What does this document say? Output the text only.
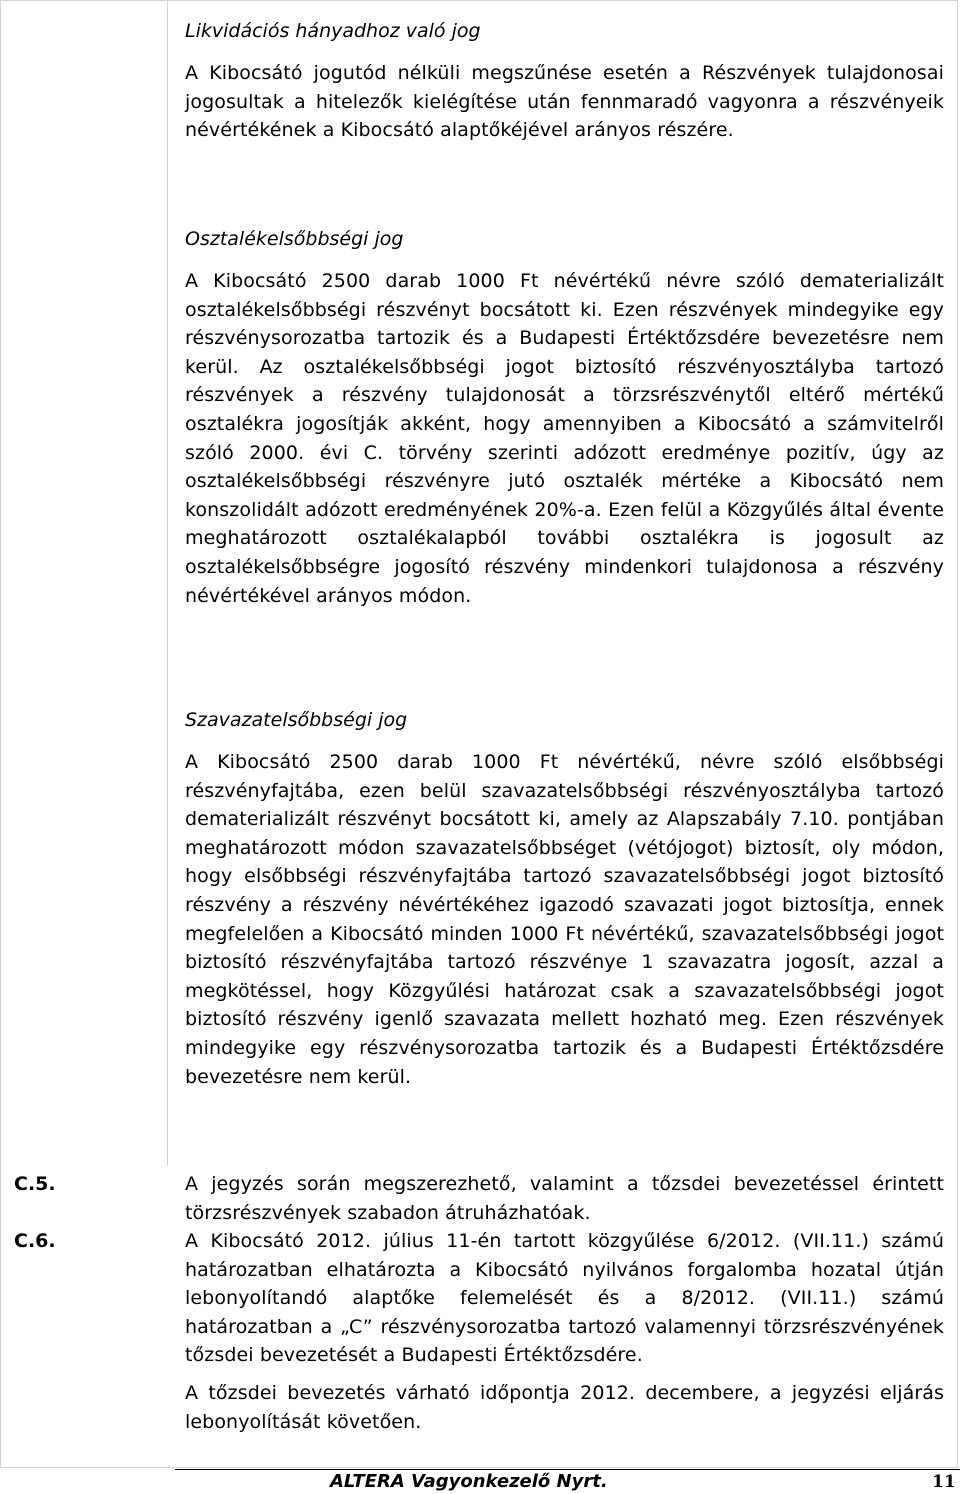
Likvidációs hányadhoz való jog

A Kibocsátó jogutód nélküli megszűnése esetén a Részvények tulajdonosai jogosultak a hitelezők kielégítése után fennmaradó vagyonra a részvényeik névértékének a Kibocsátó alaptőkéjével arányos részére.

Osztalékelsőbbségi jog

A Kibocsátó 2500 darab 1000 Ft névértékű névre szóló dematerializált osztalékelsőbbségi részvényt bocsátott ki. Ezen részvények mindegyike egy részvénysorozatba tartozik és a Budapesti Értéktőzsdére bevezetésre nem kerül. Az osztalékelsőbbségi jogot biztosító részvényosztályba tartozó részvények a részvény tulajdonosát a törzsrészvénytől eltérő mértékű osztalékra jogosítják akként, hogy amennyiben a Kibocsátó a számvitelről szóló 2000. évi C. törvény szerinti adózott eredménye pozitív, úgy az osztalékelsőbbségi részvényre jutó osztalék mértéke a Kibocsátó nem konszolidált adózott eredményének 20%-a. Ezen felül a Közgyűlés által évente meghatározott osztalékalapból további osztalékra is jogosult az osztalékelsőbbségre jogosító részvény mindenkori tulajdonosa a részvény névértékével arányos módon.

Szavazatelsőbbségi jog

A Kibocsátó 2500 darab 1000 Ft névértékű, névre szóló elsőbbségi részvényfajtába, ezen belül szavazatelsőbbségi részvényosztályba tartozó dematerializált részvényt bocsátott ki, amely az Alapszabály 7.10. pontjában meghatározott módon szavazatelsőbbséget (vétójogot) biztosít, oly módon, hogy elsőbbségi részvényfajtába tartozó szavazatelsőbbségi jogot biztosító részvény a részvény névértékéhez igazodó szavazati jogot biztosítja, ennek megfelelően a Kibocsátó minden 1000 Ft névértékű, szavazatelsőbbségi jogot biztosító részvényfajtába tartozó részvénye 1 szavazatra jogosít, azzal a megkötéssel, hogy Közgyűlési határozat csak a szavazatelsőbbségi jogot biztosító részvény igenlő szavazata mellett hozható meg. Ezen részvények mindegyike egy részvénysorozatba tartozik és a Budapesti Értéktőzsdére bevezetésre nem kerül.

C.5.	A jegyzés során megszerezhető, valamint a tőzsdei bevezetéssel érintett törzsrészvények szabadon átruházhatóak.

C.6.	A Kibocsátó 2012. július 11-én tartott közgyűlése 6/2012. (VII.11.) számú határozatban elhatározta a Kibocsátó nyilvános forgalomba hozatal útján lebonyolítandó alaptőke felemelését és a 8/2012. (VII.11.) számú határozatban a „C” részvénysorozatba tartozó valamennyi törzsrészvényének tőzsdei bevezetését a Budapesti Értéktőzsdére.

A tőzsdei bevezetés várható időpontja 2012. decembere, a jegyzési eljárás lebonyolítását követően.

ALTERA Vagyonkezelő Nyrt.	11
